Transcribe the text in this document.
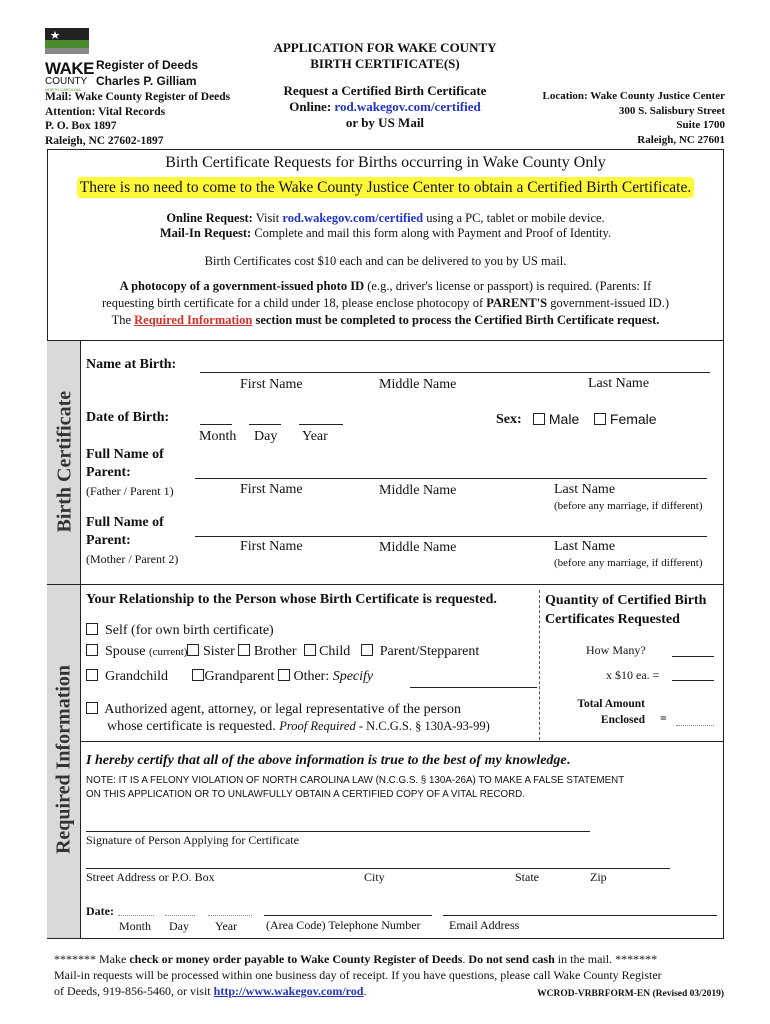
WAKE
COUNTY
NORTH CAROLINA
Register of Deeds
Charles P. Gilliam
Mail: Wake County Register of Deeds
Attention: Vital Records
P. O. Box 1897
Raleigh, NC 27602-1897
APPLICATION FOR WAKE COUNTY
BIRTH CERTIFICATE(S)
Request a Certified Birth Certificate
Online: rod.wakegov.com/certified
or by US Mail
Location: Wake County Justice Center
300 S. Salisbury Street
Suite 1700
Raleigh, NC 27601
Birth Certificate Requests for Births occurring in Wake County Only
There is no need to come to the Wake County Justice Center to obtain a Certified Birth Certificate.
Online Request: Visit rod.wakegov.com/certified using a PC, tablet or mobile device.
Mail-In Request: Complete and mail this form along with Payment and Proof of Identity.
Birth Certificates cost $10 each and can be delivered to you by US mail.
A photocopy of a government-issued photo ID (e.g., driver's license or passport) is required. (Parents: If
requesting birth certificate for a child under 18, please enclose photocopy of PARENT'S government-issued ID.)
The Required Information section must be completed to process the Certified Birth Certificate request.
Birth Certificate
Required Information
Name at Birth:
First Name	Middle Name	Last Name
Date of Birth:
Month Day Year
Sex:	Male	Female
Full Name of
Parent:
(Father / Parent 1)	First Name	Middle Name	Last Name
(before any marriage, if different)
Full Name of
Parent:
(Mother / Parent 2)
First Name	Middle Name	Last Name
(before any marriage, if different)
Your Relationship to the Person whose Birth Certificate is requested.
Self (for own birth certificate)
Spouse (current) Sister Brother Child Parent/Stepparent
Grandchild	Grandparent Other: Specify
Authorized agent, attorney, or legal representative of the person
whose certificate is requested. Proof Required - N.C.G.S. § 130A-93-99)
Quantity of Certified Birth
Certificates Requested
How Many?
x $10 ea. =
Total Amount
Enclosed =
I hereby certify that all of the above information is true to the best of my knowledge.
NOTE: IT IS A FELONY VIOLATION OF NORTH CAROLINA LAW (N.C.G.S. § 130A-26A) TO MAKE A FALSE STATEMENT
ON THIS APPLICATION OR TO UNLAWFULLY OBTAIN A CERTIFIED COPY OF A VITAL RECORD.
Signature of Person Applying for Certificate
Street Address or P.O. Box	City	State	Zip
Date:
Month Day Year (Area Code) Telephone Number Email Address
******* Make check or money order payable to Wake County Register of Deeds. Do not send cash in the mail. *******
Mail-in requests will be processed within one business day of receipt. If you have questions, please call Wake County Register
of Deeds, 919-856-5460, or visit http://www.wakegov.com/rod.	WCROD-VRBRFORM-EN (Revised 03/2019)
